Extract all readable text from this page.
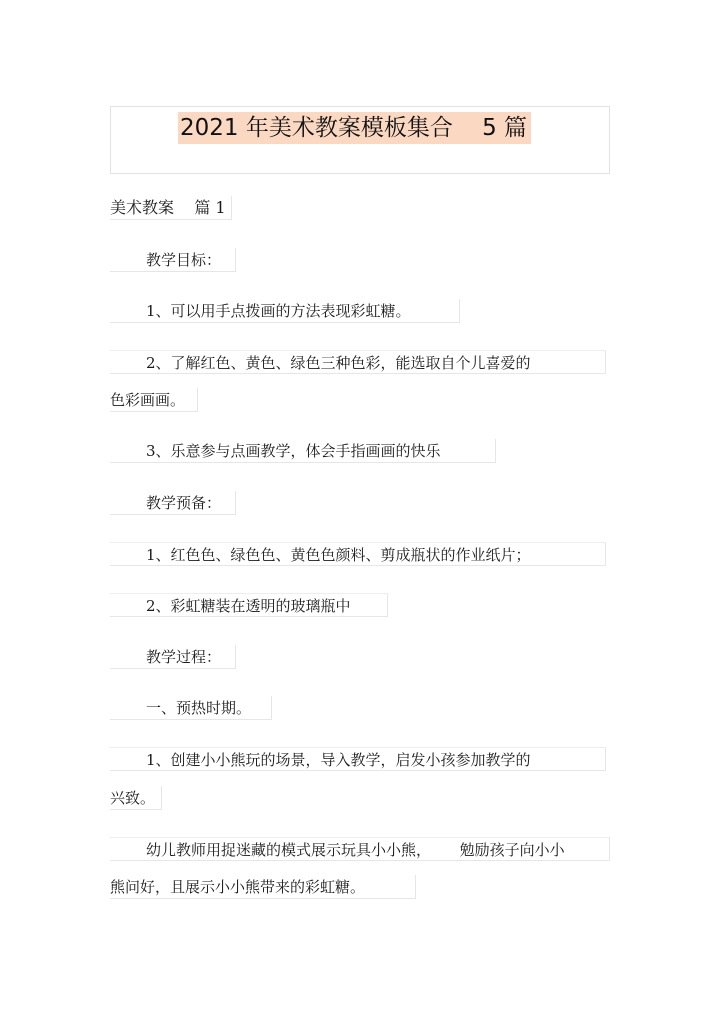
2021 年美术教案模板集合    5 篇
美术教案    篇 1
教学目标：
1、可以用手点拨画的方法表现彩虹糖。
2、了解红色、黄色、绿色三种色彩，能选取自个儿喜爱的
色彩画画。
3、乐意参与点画教学，体会手指画画的快乐
教学预备：
1、红色色、绿色色、黄色色颜料、剪成瓶状的作业纸片；
2、彩虹糖装在透明的玻璃瓶中
教学过程：
一、预热时期。
1、创建小小熊玩的场景，导入教学，启发小孩参加教学的
兴致。
幼儿教师用捉迷藏的模式展示玩具小小熊，      勉励孩子向小小
熊问好，且展示小小熊带来的彩虹糖。
